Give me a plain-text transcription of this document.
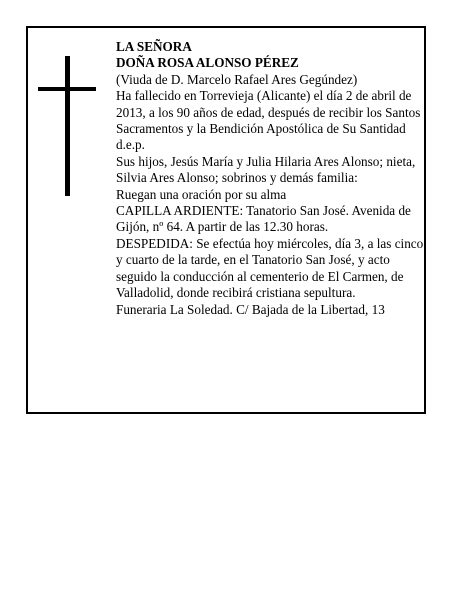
LA SEÑORA

DOÑA ROSA ALONSO PÉREZ

(Viuda de D. Marcelo Rafael Ares Gegúndez)

Ha fallecido en Torrevieja (Alicante) el día 2 de abril de 2013, a los 90 años de edad, después de recibir los Santos Sacramentos y la Bendición Apostólica de Su Santidad

d.e.p.

Sus hijos, Jesús María y Julia Hilaria Ares Alonso; nieta, Silvia Ares Alonso; sobrinos y demás familia:

Ruegan una oración por su alma

CAPILLA ARDIENTE: Tanatorio San José. Avenida de Gijón, nº 64. A partir de las 12.30 horas.

DESPEDIDA: Se efectúa hoy miércoles, día 3, a las cinco y cuarto de la tarde, en el Tanatorio San José, y acto seguido la conducción al cementerio de El Carmen, de Valladolid, donde recibirá cristiana sepultura.

Funeraria La Soledad. C/ Bajada de la Libertad, 13
